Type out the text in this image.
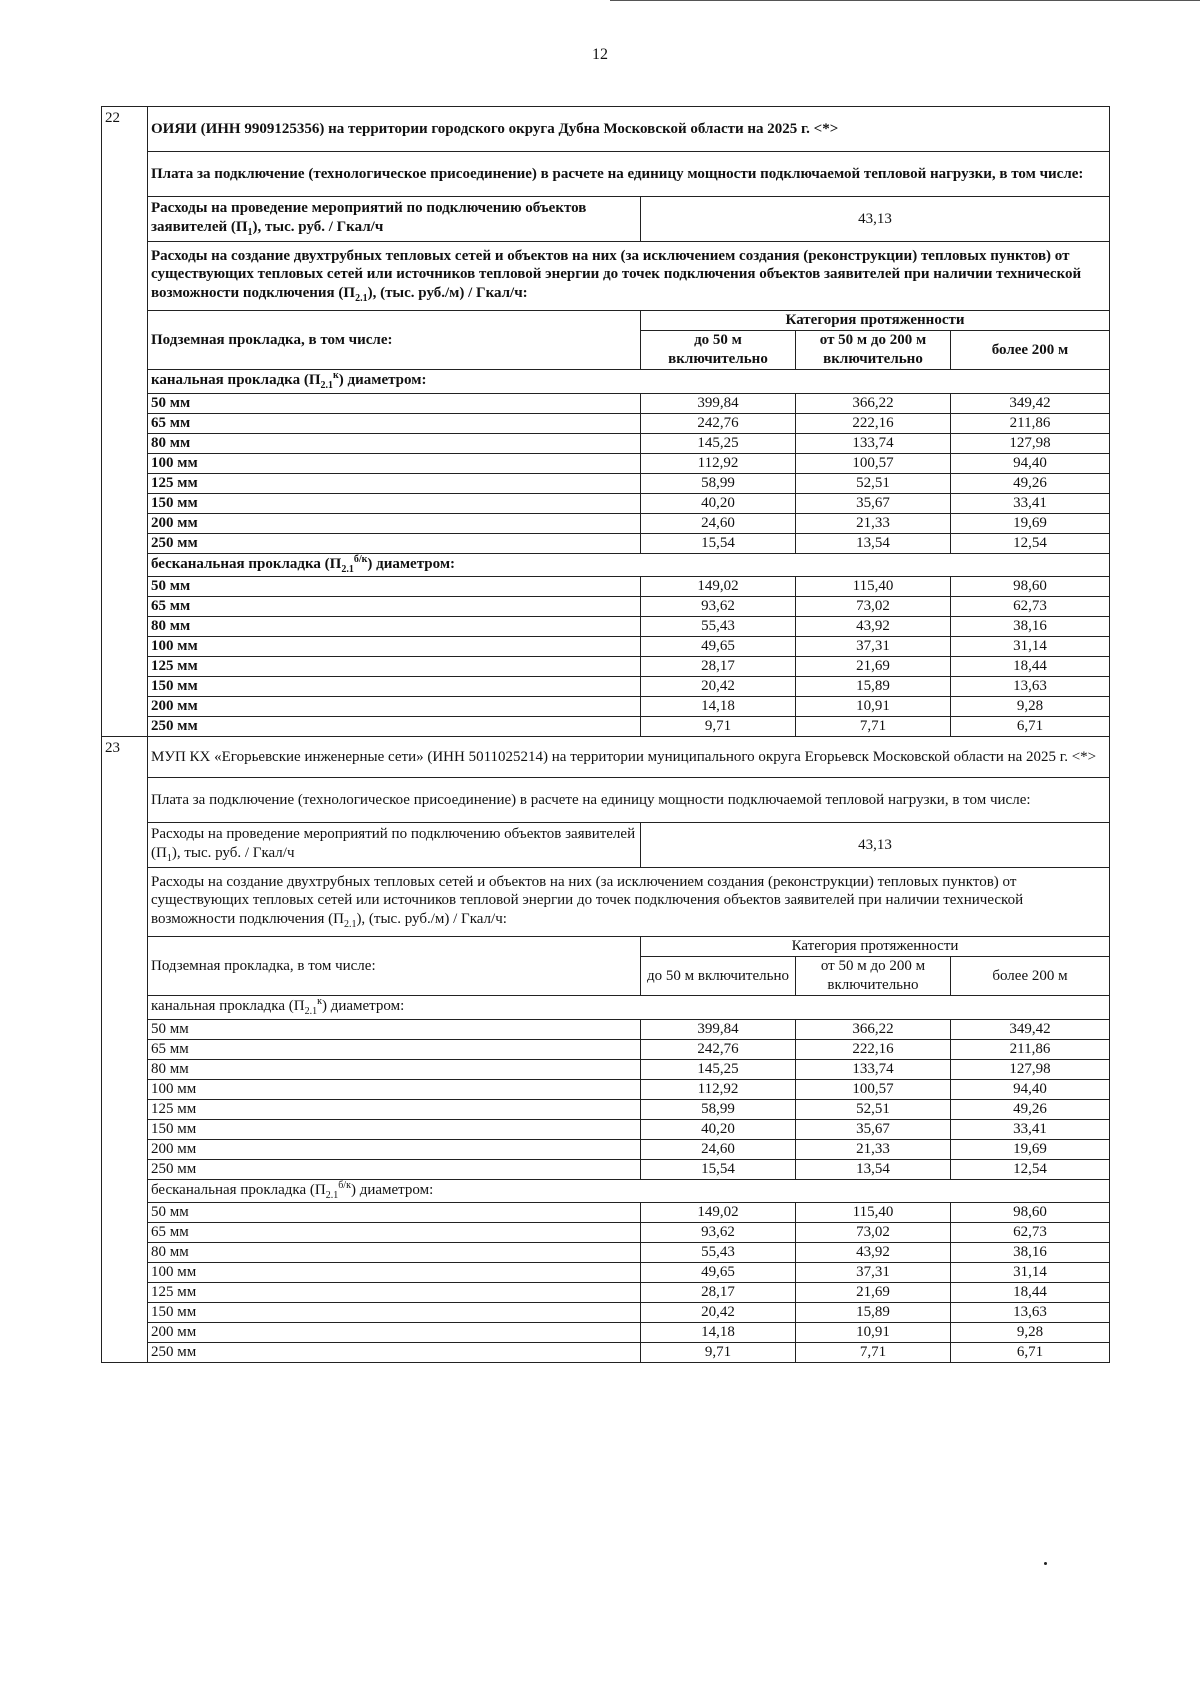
12
22	ОИЯИ (ИНН 9909125356) на территории городского округа Дубна Московской области на 2025 г. <*>			
	Плата за подключение (технологическое присоединение) в расчете на единицу мощности подключаемой тепловой нагрузки, в том числе:			
	Расходы на проведение мероприятий по подключению объектов заявителей $(П_1)$, тыс. руб. / Гкал/ч	43,13		
	Расходы на создание двухтрубных тепловых сетей и объектов на них (за исключением создания (реконструкции) тепловых пунктов) от существующих тепловых сетей или источников тепловой энергии до точек подключения объектов заявителей при наличии технической возможности подключения $(П_{2.1})$, (тыс. руб./м) / Гкал/ч:			
	Подземная прокладка, в том числе:	Категория протяженности		
		до 50 м включительно	от 50 м до 200 м включительно	более 200 м
	канальная прокладка $(П_{2.1}^к)$ диаметром:			
	50 мм	399,84	366,22	349,42
	65 мм	242,76	222,16	211,86
	80 мм	145,25	133,74	127,98
	100 мм	112,92	100,57	94,40
	125 мм	58,99	52,51	49,26
	150 мм	40,20	35,67	33,41
	200 мм	24,60	21,33	19,69
	250 мм	15,54	13,54	12,54
	бесканальная прокладка $(П_{2.1}^{б/к})$ диаметром:			
	50 мм	149,02	115,40	98,60
	65 мм	93,62	73,02	62,73
	80 мм	55,43	43,92	38,16
	100 мм	49,65	37,31	31,14
	125 мм	28,17	21,69	18,44
	150 мм	20,42	15,89	13,63
	200 мм	14,18	10,91	9,28
	250 мм	9,71	7,71	6,71
23	МУП КХ «Егорьевские инженерные сети» (ИНН 5011025214) на территории муниципального округа Егорьевск Московской области на 2025 г. <*>			
	Плата за подключение (технологическое присоединение) в расчете на единицу мощности подключаемой тепловой нагрузки, в том числе:			
	Расходы на проведение мероприятий по подключению объектов заявителей $(П_1)$, тыс. руб. / Гкал/ч	43,13		
	Расходы на создание двухтрубных тепловых сетей и объектов на них (за исключением создания (реконструкции) тепловых пунктов) от существующих тепловых сетей или источников тепловой энергии до точек подключения объектов заявителей при наличии технической возможности подключения $(П_{2.1})$, (тыс. руб./м) / Гкал/ч:			
	Подземная прокладка, в том числе:	Категория протяженности		
		до 50 м включительно	от 50 м до 200 м включительно	более 200 м
	канальная прокладка $(П_{2.1}^к)$ диаметром:			
	50 мм	399,84	366,22	349,42
	65 мм	242,76	222,16	211,86
	80 мм	145,25	133,74	127,98
	100 мм	112,92	100,57	94,40
	125 мм	58,99	52,51	49,26
	150 мм	40,20	35,67	33,41
	200 мм	24,60	21,33	19,69
	250 мм	15,54	13,54	12,54
	бесканальная прокладка $(П_{2.1}^{б/к})$ диаметром:			
	50 мм	149,02	115,40	98,60
	65 мм	93,62	73,02	62,73
	80 мм	55,43	43,92	38,16
	100 мм	49,65	37,31	31,14
	125 мм	28,17	21,69	18,44
	150 мм	20,42	15,89	13,63
	200 мм	14,18	10,91	9,28
	250 мм	9,71	7,71	6,71
